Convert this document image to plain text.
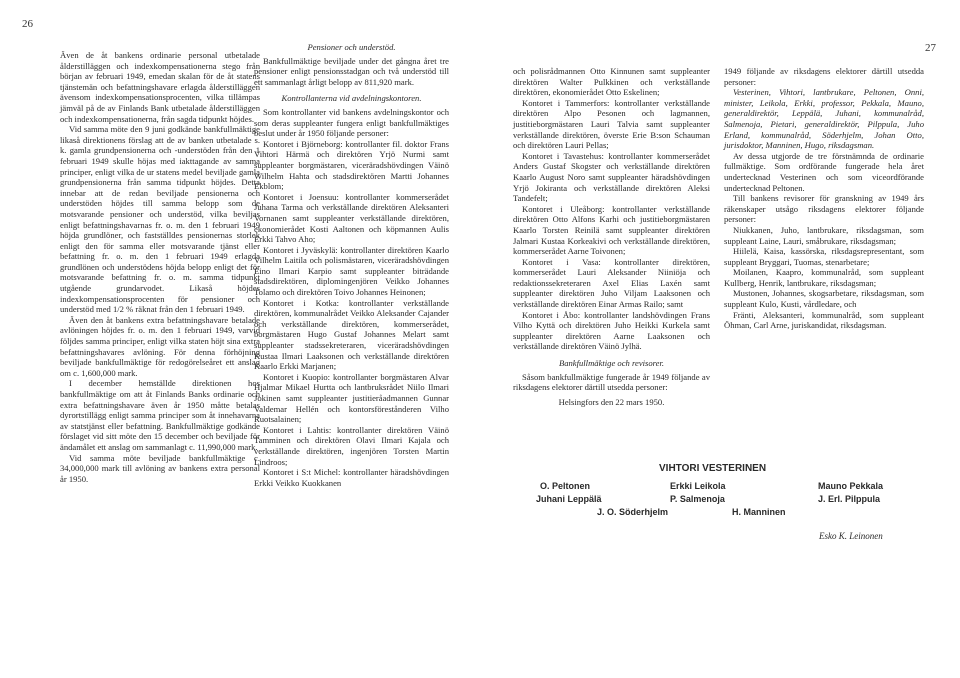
26

Även de åt bankens ordinarie personal utbetalade ålderstilläggen och indexkompensationerna stego från början av februari 1949, emedan skalan för de åt statens tjänstemän och befattningshavare erlagda ålderstilläggen ävensom indexkompensationsprocenten, vilka tillämpas jämväl på de av Finlands Bank utbetalade ålderstilläggen och indexkompensationerna, från sagda tidpunkt höjdes.

Vid samma möte den 9 juni godkände bankfullmäktige likaså direktionens förslag att de av banken utbetalade s. k. gamla grundpensionerna och -understöden från den 1 februari 1949 skulle höjas med iakttagande av samma principer, enligt vilka de ur statens medel beviljade gamla grundpensionerna från samma tidpunkt höjdes. Detta innebar att de redan beviljade pensionerna och understöden höjdes till samma belopp som de motsvarande pensioner och understöd, vilka beviljas enligt befattningshavarnas fr. o. m. den 1 februari 1949 höjda grundlöner, och fastställdes pensionernas storlek enligt den för samma eller motsvarande tjänst eller befattning fr. o. m. den 1 februari 1949 erlagda grundlönen och understödens höjda belopp enligt det för motsvarande befattning fr. o. m. samma tidpunkt utgående grundarvodet. Likaså höjdes indexkompensationsprocenten för pensioner och understöd med 1/2 % räknat från den 1 februari 1949.

Även den åt bankens extra befattningshavare betalade avlöningen höjdes fr. o. m. den 1 februari 1949, varvid följdes samma principer, enligt vilka staten höjt sina extra befattningshavares avlöning. För denna förhöjning beviljade bankfullmäktige för redogörelseåret ett anslag om c. 1,600,000 mark.

I december hemställde direktionen hos bankfullmäktige om att åt Finlands Banks ordinarie och extra befattningshavare även år 1950 måtte betalas dyrortstillägg enligt samma principer som åt innehavarna av statstjänst eller befattning. Bankfullmäktige godkände förslaget vid sitt möte den 15 december och beviljade för ändamålet ett anslag om sammanlagt c. 11,990,000 mark.

Vid samma möte beviljade bankfullmäktige c. 34,000,000 mark till avlöning av bankens extra personal år 1950.

Pensioner och understöd.

Bankfullmäktige beviljade under det gångna året tre pensioner enligt pensionsstadgan och två understöd till ett sammanlagt årligt belopp av 811,920 mark.

Kontrollanterna vid avdelningskontoren.

Som kontrollanter vid bankens avdelningskontor och som deras suppleanter fungera enligt bankfullmäktiges beslut under år 1950 följande personer:

Kontoret i Björneborg: kontrollanter fil. doktor Frans Vihtori Härmä och direktören Yrjö Nurmi samt suppleanter borgmästaren, viceräradshövdingen Väinö Wilhelm Hahta och stadsdirektören Martti Johannes Ekblom;

Kontoret i Joensuu: kontrollanter kommerserådet Juhana Tarma och verkställande direktören Aleksanteri Vornanen samt suppleanter verkställande direktören, ekonomierådet Kosti Aaltonen och köpmannen Aulis Erkki Tahvo Aho;

Kontoret i Jyväskylä: kontrollanter direktören Kaarlo Vilhelm Laitila och polismästaren, viceräradshövdingen Eino Ilmari Karpio samt suppleanter biträdande stadsdirektören, diplomingenjören Veikko Johannes Tolamo och direktören Toivo Johannes Heinonen;

Kontoret i Kotka: kontrollanter verkställande direktören, kommunalrådet Veikko Aleksander Cajander och verkställande direktören, kommerserådet, borgmästaren Hugo Gustaf Johannes Melart samt suppleanter stadssekreteraren, viceräradshövdingen Kustaa Ilmari Laaksonen och verkställande direktören Kaarlo Erkki Marjanen;

Kontoret i Kuopio: kontrollanter borgmästaren Alvar Hjalmar Mikael Hurtta och lantbruksrådet Niilo Ilmari Jokinen samt suppleanter justitieråadmannen Gunnar Valdemar Hellén och kontorsförestånderen Vilho Ruotsalainen;

Kontoret i Lahtis: kontrollanter direktören Väinö Tamminen och direktören Olavi Ilmari Kajala och verkställande direktören, ingenjören Torsten Martin Lindroos;

Kontoret i S:t Michel: kontrollanter häradshövdingen Erkki Veikko Kuokkanen

27

och polisrådmannen Otto Kinnunen samt suppleanter direktören Walter Pulkkinen och verkställande direktören, ekonomierådet Otto Eskelinen;

Kontoret i Tammerfors: kontrollanter verkställande direktören Alpo Pesonen och lagmannen, justitieborgmästaren Lauri Talvia samt suppleanter verkställande direktören, överste Erie B:son Schauman och direktören Lauri Pellas;

Kontoret i Tavastehus: kontrollanter kommerserådet Anders Gustaf Skogster och verkställande direktören Kaarlo August Noro samt suppleanter häradshövdingen Yrjö Jokiranta och verkställande direktören Aleksi Tandefelt;

Kontoret i Uleåborg: kontrollanter verkställande direktören Otto Alfons Karhi och justitieborgmästaren Kaarlo Torsten Reinilä samt suppleanter direktören Jalmari Kustaa Korkeakivi och verkställande direktören, kommerserådet Aarne Toivonen;

Kontoret i Vasa: kontrollanter direktören, kommerserådet Lauri Aleksander Niiniöja och redaktionssekreteraren Axel Elias Laxén samt suppleanter direktören Juho Viljam Laaksonen och verkställande direktören Einar Armas Railo; samt

Kontoret i Åbo: kontrollanter landshövdingen Frans Vilho Kyttä och direktören Juho Heikki Kurkela samt suppleanter direktören Aarne Laaksonen och verkställande direktören Väinö Jylhä.

Bankfullmäktige och revisorer.

Såsom bankfullmäktige fungerade år 1949 följande av riksdagens elektorer därtill utsedda personer:

Helsingfors den 22 mars 1950.

1949 följande av riksdagens elektorer därtill utsedda personer:

Vesterinen, Vihtori, lantbrukare, Peltonen, Onni, minister, Leikola, Erkki, professor, Pekkala, Mauno, generaldirektör, Leppälä, Juhani, kommunalråd, Salmenoja, Pietari, generaldirektör, Pilppula, Juho Erland, kommunalråd, Söderhjelm, Johan Otto, jurisdoktor, Manninen, Hugo, riksdagsman.

Av dessa utgjorde de tre förstnämnda de ordinarie fullmäktige. Som ordförande fungerade hela året undertecknad Vesterinen och som viceordförande undertecknad Peltonen.

Till bankens revisorer för granskning av 1949 års räkenskaper utsågo riksdagens elektorer följande personer:

Niukkanen, Juho, lantbrukare, riksdagsman, som suppleant Laine, Lauri, småbrukare, riksdagsman;

Hiilelä, Kaisa, kassörska, riksdagsrepresentant, som suppleant Bryggari, Tuomas, stenarbetare;

Moilanen, Kaapro, kommunalråd, som suppleant Kullberg, Henrik, lantbrukare, riksdagsman;

Mustonen, Johannes, skogsarbetare, riksdagsman, som suppleant Kulo, Kusti, vårdledare, och

Fränti, Aleksanteri, kommunalråd, som suppleant Öhman, Carl Arne, juriskandidat, riksdagsman.

VIHTORI VESTERINEN
O. Peltonen	Erkki Leikola	Mauno Pekkala
Juhani Leppälä	P. Salmenoja	J. Erl. Pilppula
J. O. Söderhjelm	H. Manninen
Esko K. Leinonen
